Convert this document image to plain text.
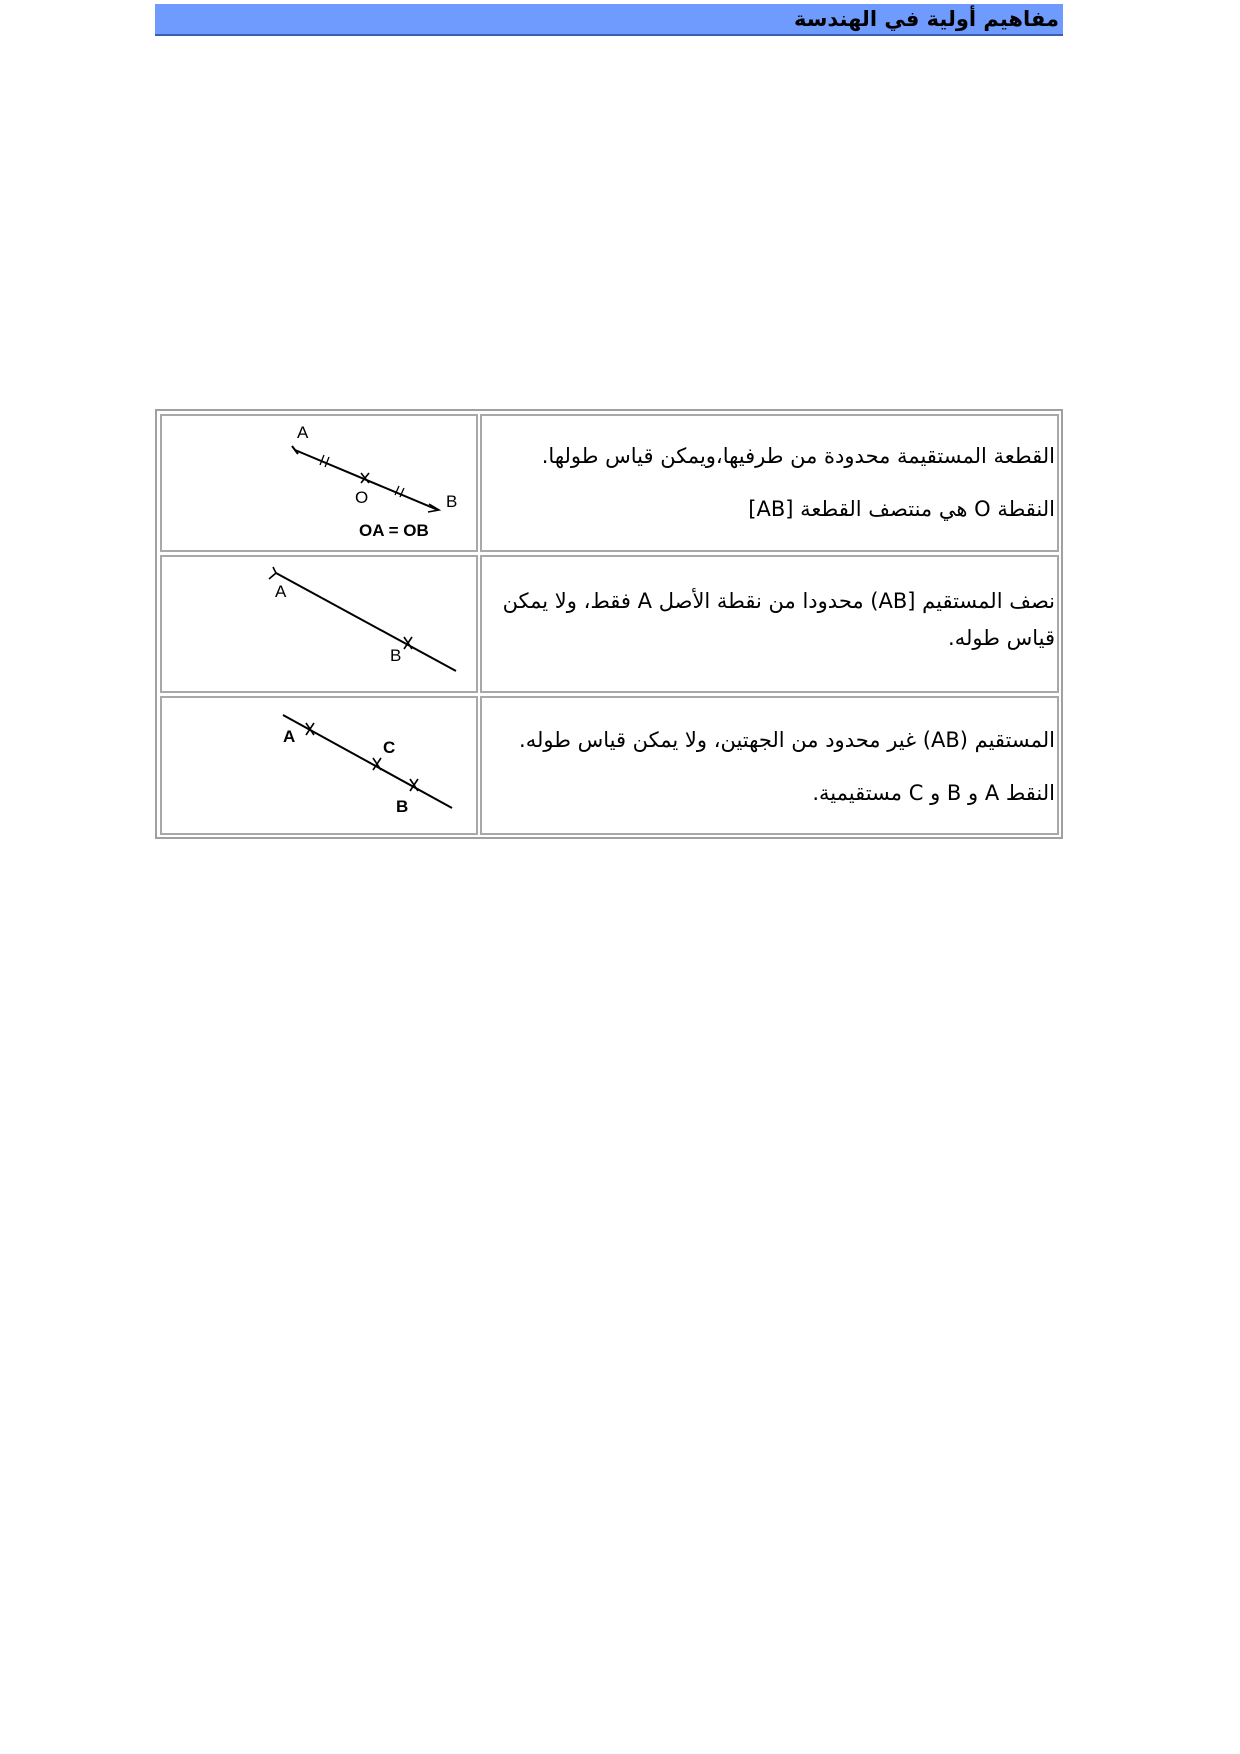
مفاهيم أولية في الهندسة
القطعة المستقيمة محدودة من طرفيها،ويمكن قياس طولها.
النقطة O هي منتصف القطعة [AB]
A
O	B
OA = OB
نصف المستقيم [AB) محدودا من نقطة الأصل A فقط، ولا يمكن قياس طوله.
A
B
المستقيم (AB) غير محدود من الجهتين، ولا يمكن قياس طوله.
النقط A و B و C مستقيمية.
A
C
B
